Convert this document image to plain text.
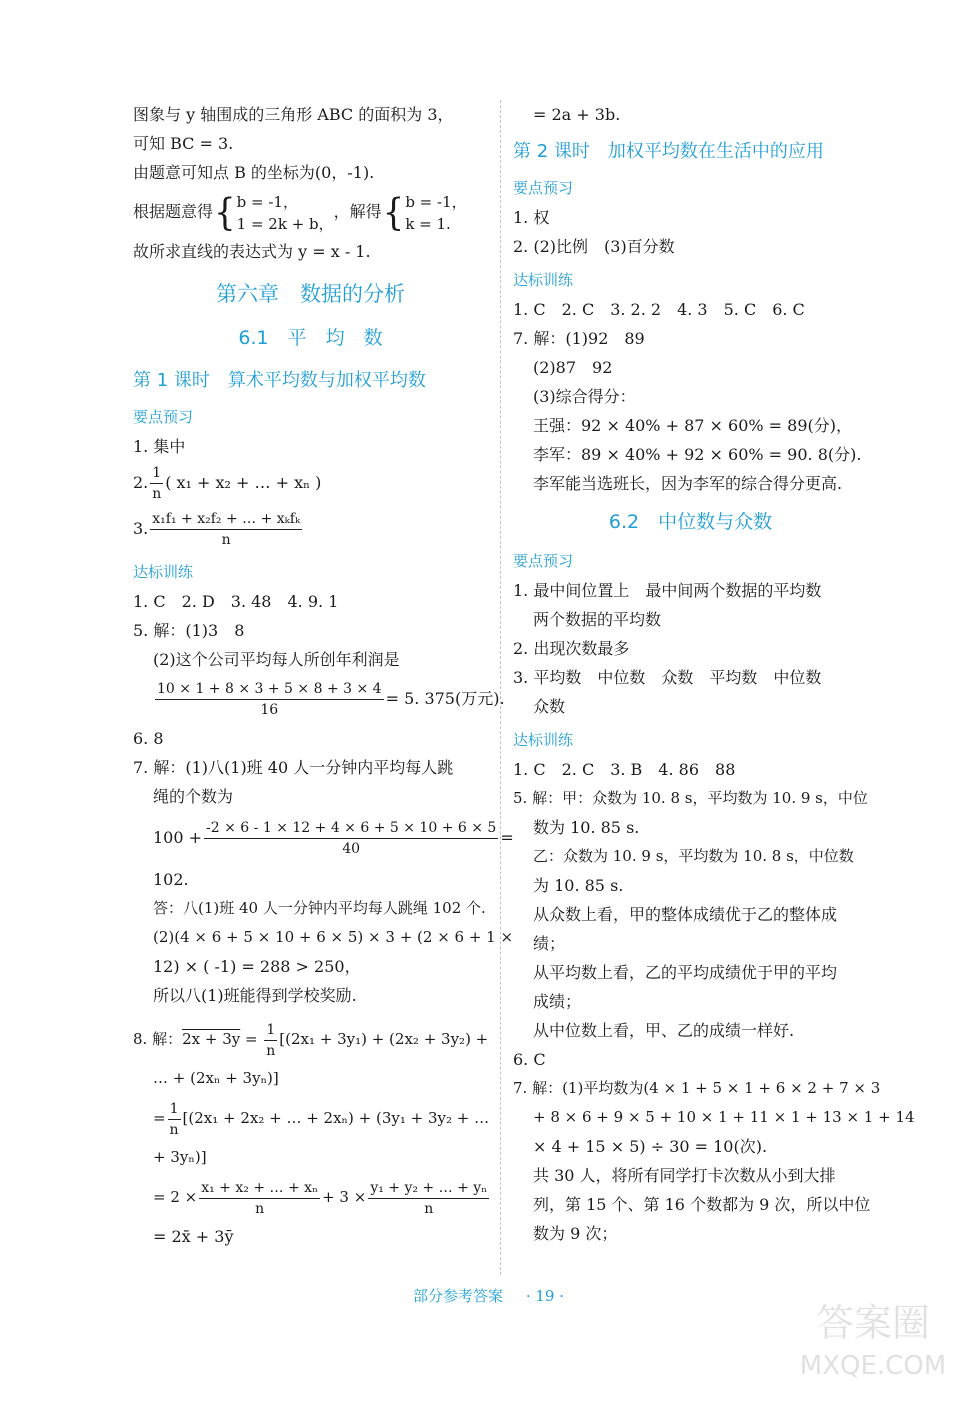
图象与 y 轴围成的三角形 ABC 的面积为 3，
可知 BC = 3.
由题意可知点 B 的坐标为(0，-1).
根据题意得{ b = -1，
1 = 2k + b，
，解得{ b = -1，
k = 1.
故所求直线的表达式为 y = x - 1.
第六章　数据的分析
6.1　平　均　数
第 1 课时　算术平均数与加权平均数
要点预习
1. 集中
2. $\frac{1}{n}$ ( x₁ + x₂ + … + xₙ )
3. $\frac{\text{x₁f₁ + x₂f₂ + … + xₖfₖ}}{n}$
达标训练
1. C　2. D　3. 48　4. 9. 1
5. 解：(1)3　8
(2)这个公司平均每人所创年利润是
$\frac{10 \times 1 + 8 \times 3 + 5 \times 8 + 3 \times 4}{16} = 5$. 375(万元).
6. 8
7. 解：(1)八(1)班 40 人一分钟内平均每人跳
绳的个数为
$100 + \frac{-2 \times 6 - 1 \times 12 + 4 \times 6 + 5 \times 10 + 6 \times 5}{40}$ =
102.
答：八(1)班 40 人一分钟内平均每人跳绳 102 个.
(2)(4 × 6 + 5 × 10 + 6 × 5) × 3 + (2 × 6 + 1 ×
12) × ( -1) = 288 > 250，
所以八(1)班能得到学校奖励.
8. 解：$2x + 3y = \frac{1}{n} [(2x_1 + 3y_1) + (2x_2 + 3y_2)$ +
… + (2xₙ + 3yₙ)]
= $\frac{1}{n} [(2x_1 + 2x_2$ + … + 2xₙ) + (3y₁ + 3y₂ + …
+ 3yₙ)]
= $2 \times \frac{\text{x₁ + x₂ + … + xₙ}}{n} + 3 \times \frac{\text{y₁ + y₂ + … + yₙ}}{n}$
= 2x̄ + 3ȳ
= 2a + 3b.
第 2 课时　加权平均数在生活中的应用
要点预习
1. 权
2. (2)比例　(3)百分数
达标训练
1. C　2. C　3. 2. 2　4. 3　5. C　6. C
7. 解：(1)92　89
(2)87　92
(3)综合得分：
王强：92 × 40% + 87 × 60% = 89(分)，
李军：89 × 40% + 92 × 60% = 90. 8(分).
李军能当选班长，因为李军的综合得分更高.
6.2　中位数与众数
要点预习
1. 最中间位置上　最中间两个数据的平均数
两个数据的平均数
2. 出现次数最多
3. 平均数　中位数　众数　平均数　中位数
众数
达标训练
1. C　2. C　3. B　4. 86　88
5. 解：甲：众数为 10. 8 s，平均数为 10. 9 s，中位
数为 10. 85 s.
乙：众数为 10. 9 s，平均数为 10. 8 s，中位数
为 10. 85 s.
从众数上看，甲的整体成绩优于乙的整体成
绩；
从平均数上看，乙的平均成绩优于甲的平均
成绩；
从中位数上看，甲、乙的成绩一样好.
6. C
7. 解：(1)平均数为(4 × 1 + 5 × 1 + 6 × 2 + 7 × 3
+ 8 × 6 + 9 × 5 + 10 × 1 + 11 × 1 + 13 × 1 + 14
× 4 + 15 × 5) ÷ 30 = 10(次).
共 30 人，将所有同学打卡次数从小到大排
列，第 15 个、第 16 个数都为 9 次，所以中位
数为 9 次；
部分参考答案 · 19 ·
答案圈
MXQE.COM
